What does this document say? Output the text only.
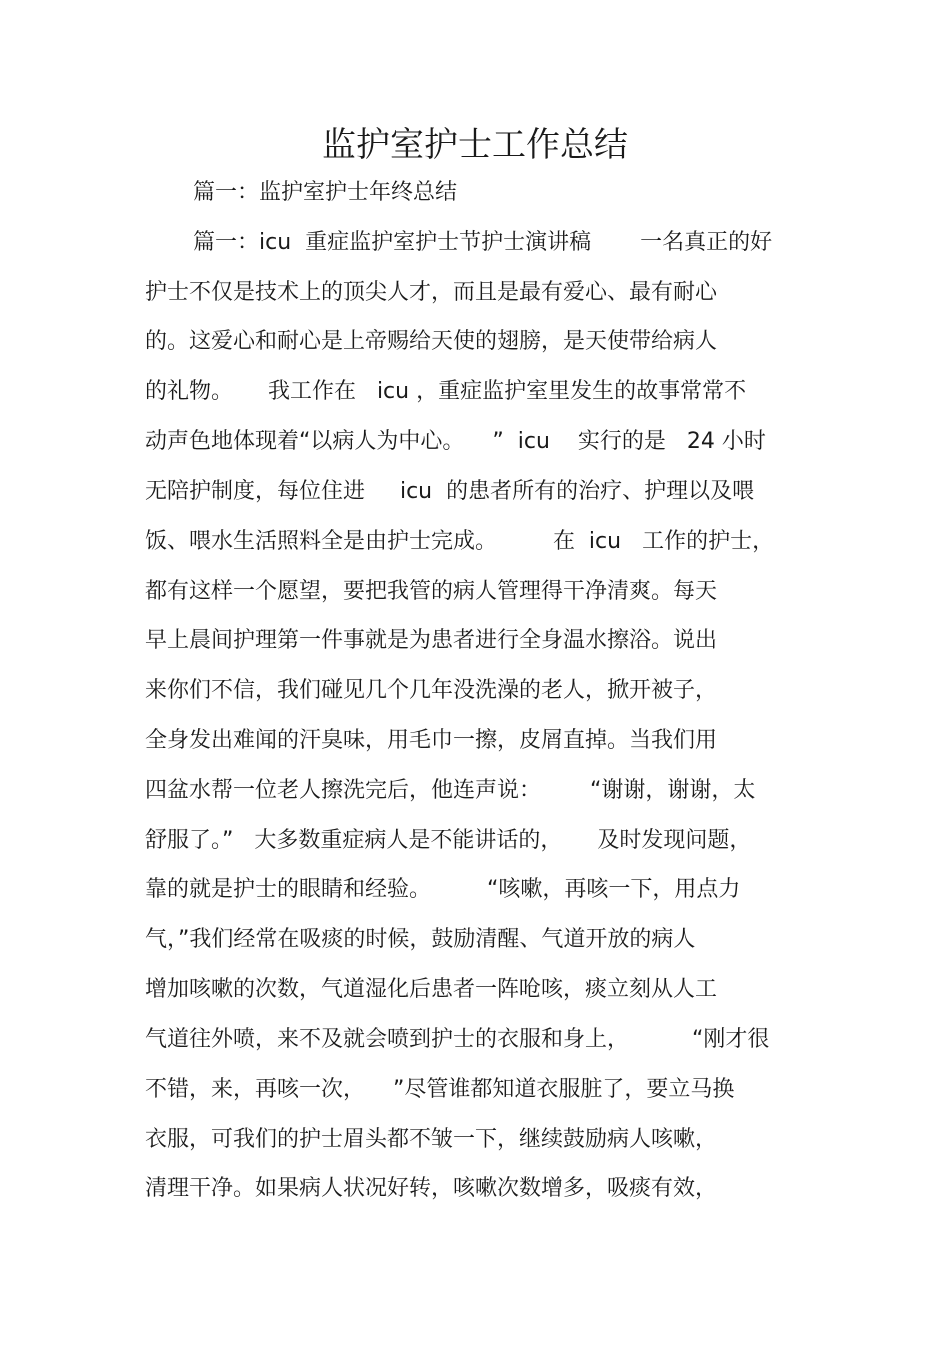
监护室护士工作总结
篇一：监护室护士年终总结
篇一：icu  重症监护室护士节护士演讲稿       一名真正的好
护士不仅是技术上的顶尖人才，而且是最有爱心、最有耐心
的。这爱心和耐心是上帝赐给天使的翅膀，是天使带给病人
的礼物。     我工作在   icu ，重症监护室里发生的故事常常不
动声色地体现着“以病人为中心。    ”  icu    实行的是   24 小时
无陪护制度，每位住进     icu  的患者所有的治疗、护理以及喂
饭、喂水生活照料全是由护士完成。        在  icu   工作的护士，
都有这样一个愿望，要把我管的病人管理得干净清爽。每天
早上晨间护理第一件事就是为患者进行全身温水擦浴。说出
来你们不信，我们碰见几个几年没洗澡的老人，掀开被子，
全身发出难闻的汗臭味，用毛巾一擦，皮屑直掉。当我们用
四盆水帮一位老人擦洗完后，他连声说：       “谢谢，谢谢，太
舒服了。”   大多数重症病人是不能讲话的，     及时发现问题，
靠的就是护士的眼睛和经验。        “咳嗽，再咳一下，用点力
气，”我们经常在吸痰的时候，鼓励清醒、气道开放的病人
增加咳嗽的次数，气道湿化后患者一阵呛咳，痰立刻从人工
气道往外喷，来不及就会喷到护士的衣服和身上，         “刚才很
不错，来，再咳一次，    ”尽管谁都知道衣服脏了，要立马换
衣服，可我们的护士眉头都不皱一下，继续鼓励病人咳嗽，
清理干净。如果病人状况好转，咳嗽次数增多，吸痰有效，
